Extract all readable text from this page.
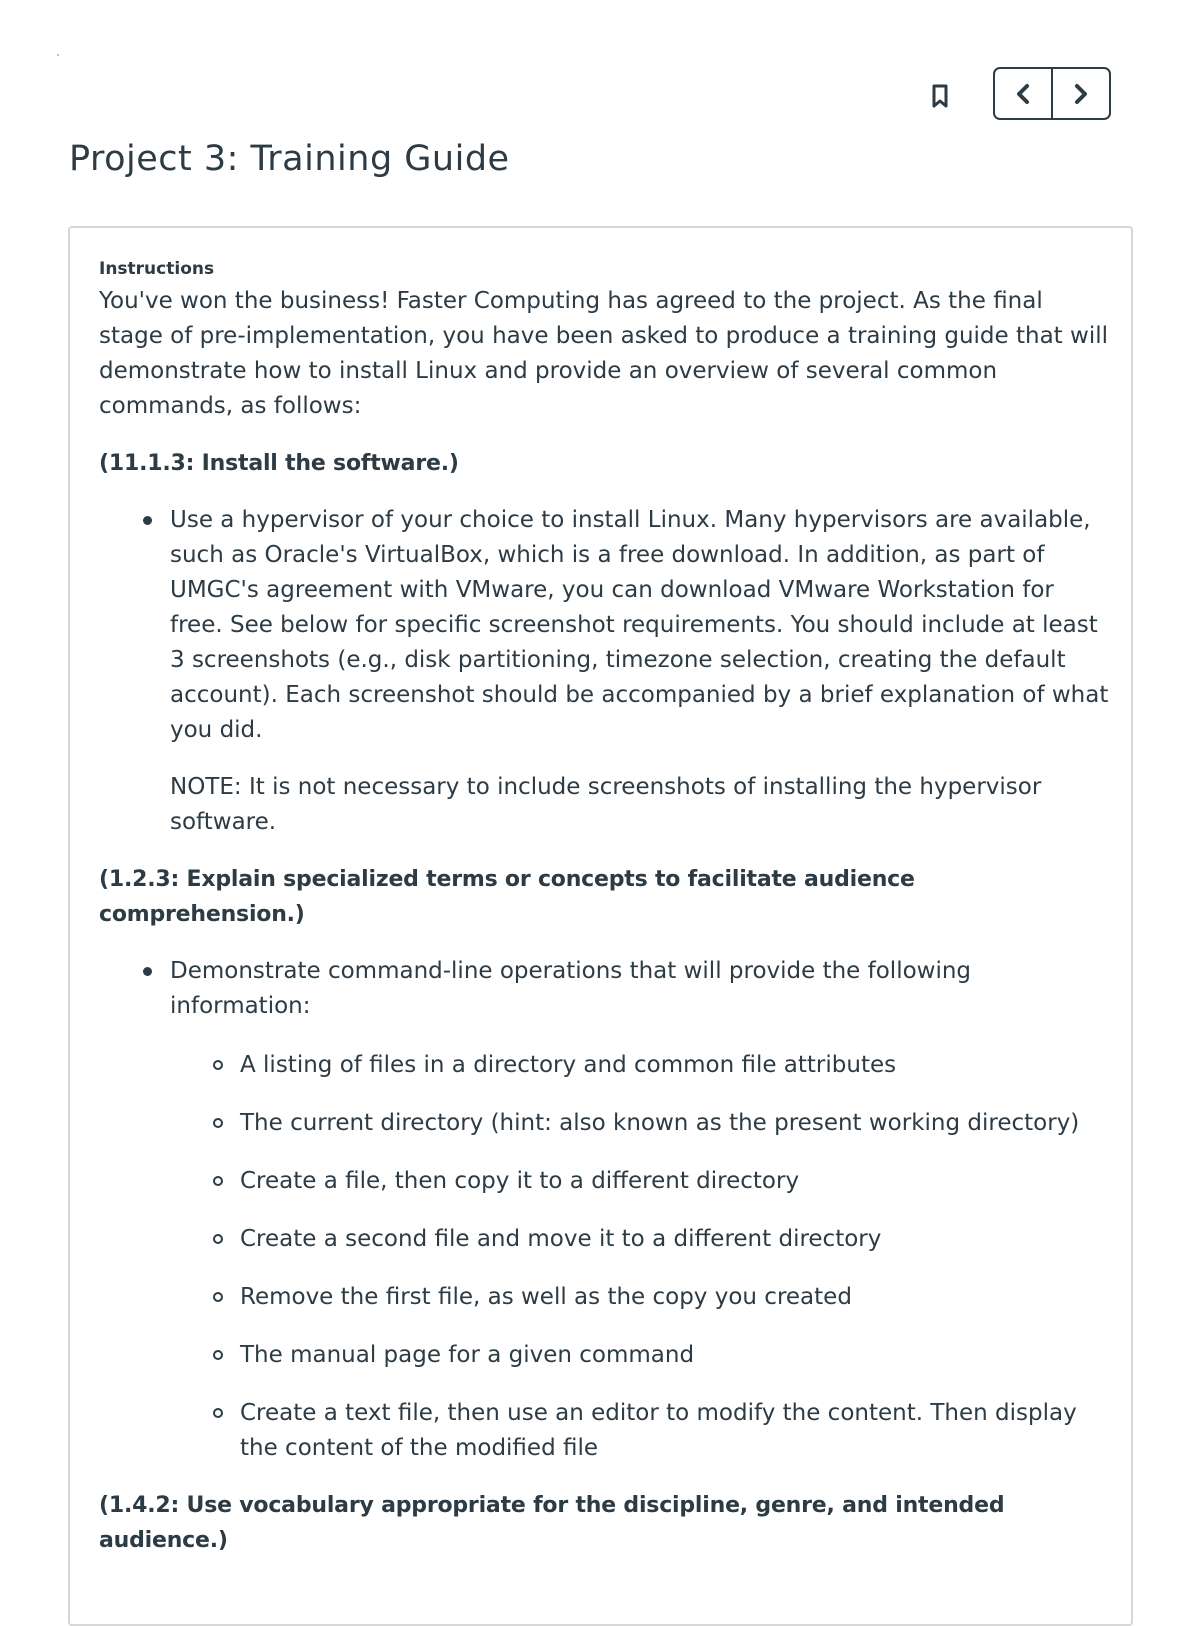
Project 3: Training Guide

Instructions

You've won the business! Faster Computing has agreed to the project. As the final stage of pre-implementation, you have been asked to produce a training guide that will demonstrate how to install Linux and provide an overview of several common commands, as follows:

(11.1.3: Install the software.)

Use a hypervisor of your choice to install Linux. Many hypervisors are available, such as Oracle's VirtualBox, which is a free download. In addition, as part of UMGC's agreement with VMware, you can download VMware Workstation for free. See below for specific screenshot requirements. You should include at least 3 screenshots (e.g., disk partitioning, timezone selection, creating the default account). Each screenshot should be accompanied by a brief explanation of what you did.

NOTE: It is not necessary to include screenshots of installing the hypervisor software.

(1.2.3: Explain specialized terms or concepts to facilitate audience comprehension.)

Demonstrate command-line operations that will provide the following information:
A listing of files in a directory and common file attributes
The current directory (hint: also known as the present working directory)
Create a file, then copy it to a different directory
Create a second file and move it to a different directory
Remove the first file, as well as the copy you created
The manual page for a given command
Create a text file, then use an editor to modify the content. Then display the content of the modified file

(1.4.2: Use vocabulary appropriate for the discipline, genre, and intended audience.)
